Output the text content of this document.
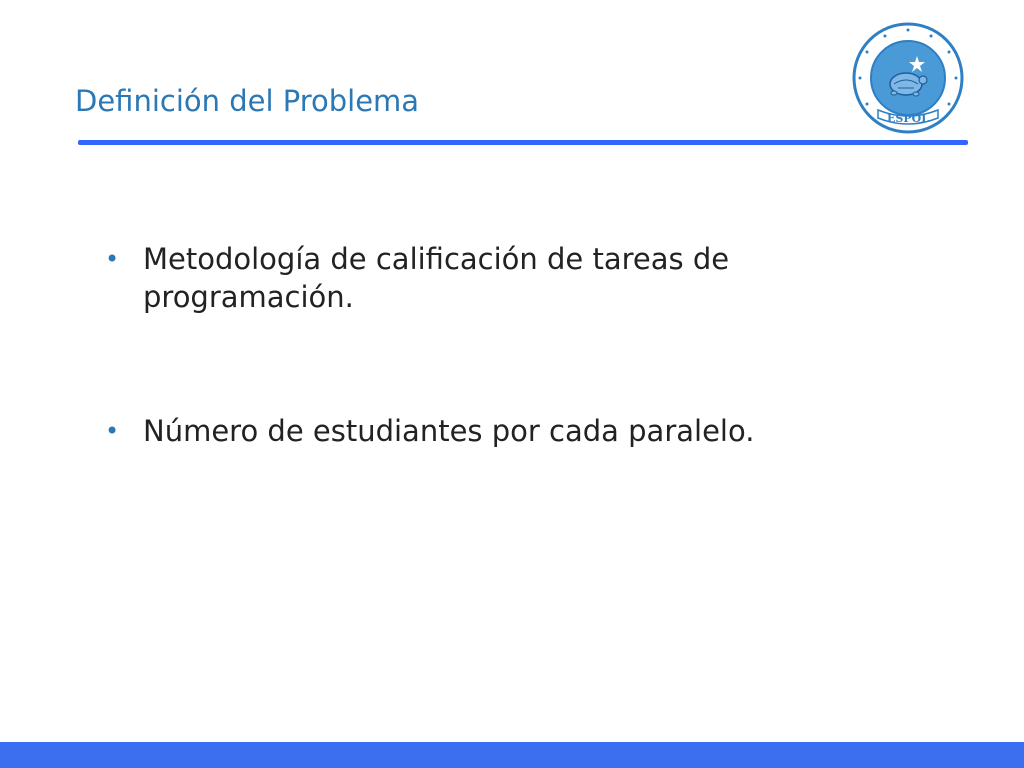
Definición del Problema
ESPOL
• Metodología de calificación de tareas de programación.
• Número de estudiantes por cada paralelo.
